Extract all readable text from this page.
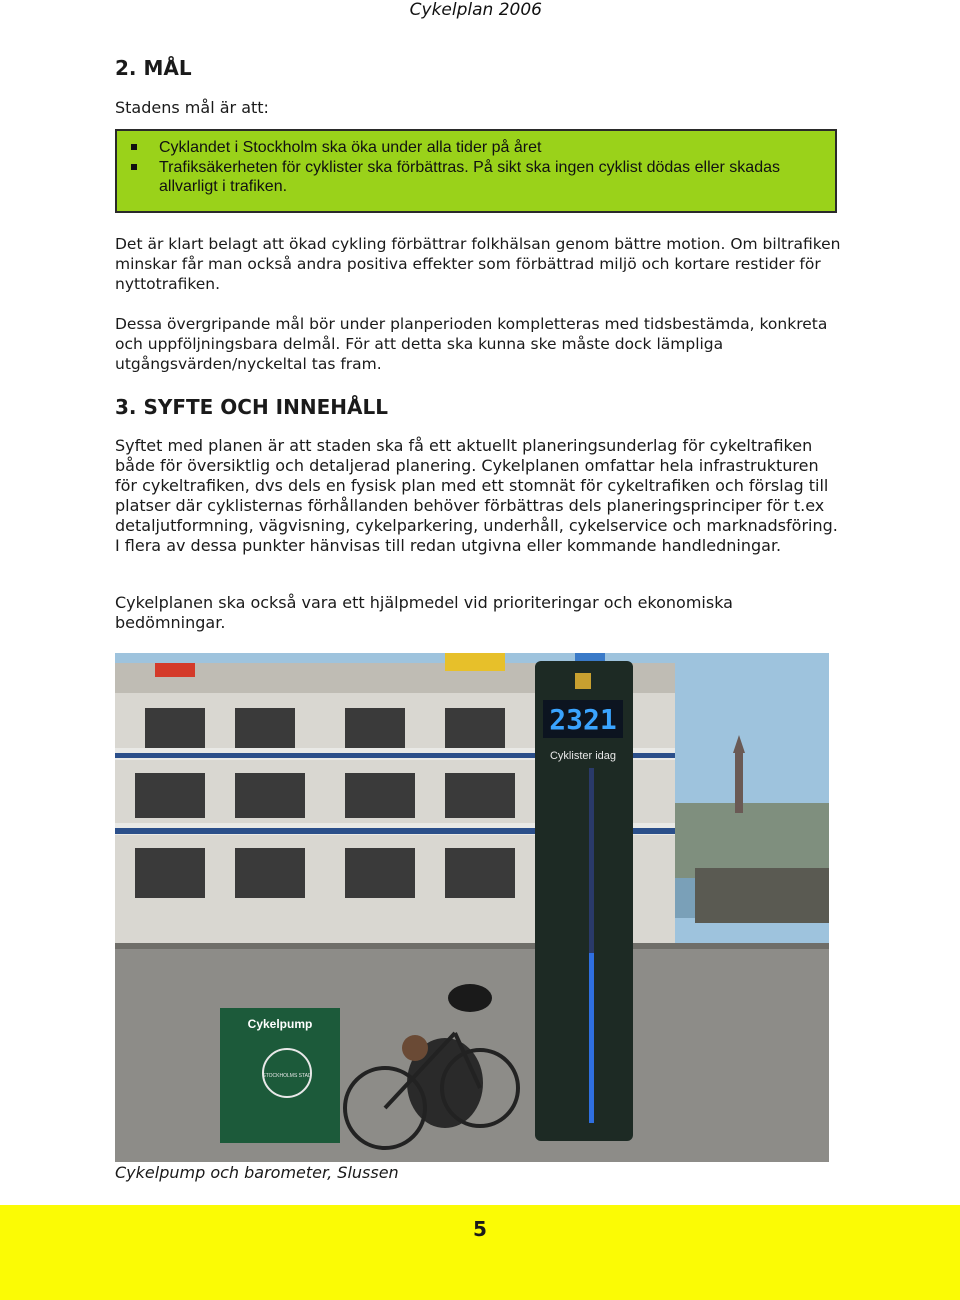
Cykelplan 2006
2. MÅL

Stadens mål är att:

Cyklandet i Stockholm ska öka under alla tider på året
Trafiksäkerheten för cyklister ska förbättras. På sikt ska ingen cyklist dödas eller skadas allvarligt i trafiken.

Det är klart belagt att ökad cykling förbättrar folkhälsan genom bättre motion. Om biltrafiken minskar får man också andra positiva effekter som förbättrad miljö och kortare restider för nyttotrafiken.

Dessa övergripande mål bör under planperioden kompletteras med tidsbestämda, konkreta och uppföljningsbara delmål. För att detta ska kunna ske måste dock lämpliga utgångsvärden/nyckeltal tas fram.

3. SYFTE OCH INNEHÅLL

Syftet med planen är att staden ska få ett aktuellt planeringsunderlag för cykeltrafiken både för översiktlig och detaljerad planering. Cykelplanen omfattar hela infrastrukturen för cykeltrafiken, dvs dels en fysisk plan med ett stomnät för cykeltrafiken och förslag till platser där cyklisternas förhållanden behöver förbättras dels planeringsprinciper för t.ex detaljutformning, vägvisning, cykelparkering, underhåll, cykelservice och marknadsföring. I flera av dessa punkter hänvisas till redan utgivna eller kommande handledningar.

Cykelplanen ska också vara ett hjälpmedel vid prioriteringar och ekonomiska bedömningar.

2321
Cyklister idag
Cykelpump
STOCKHOLMS STAD
Cykelpump och barometer, Slussen
5
